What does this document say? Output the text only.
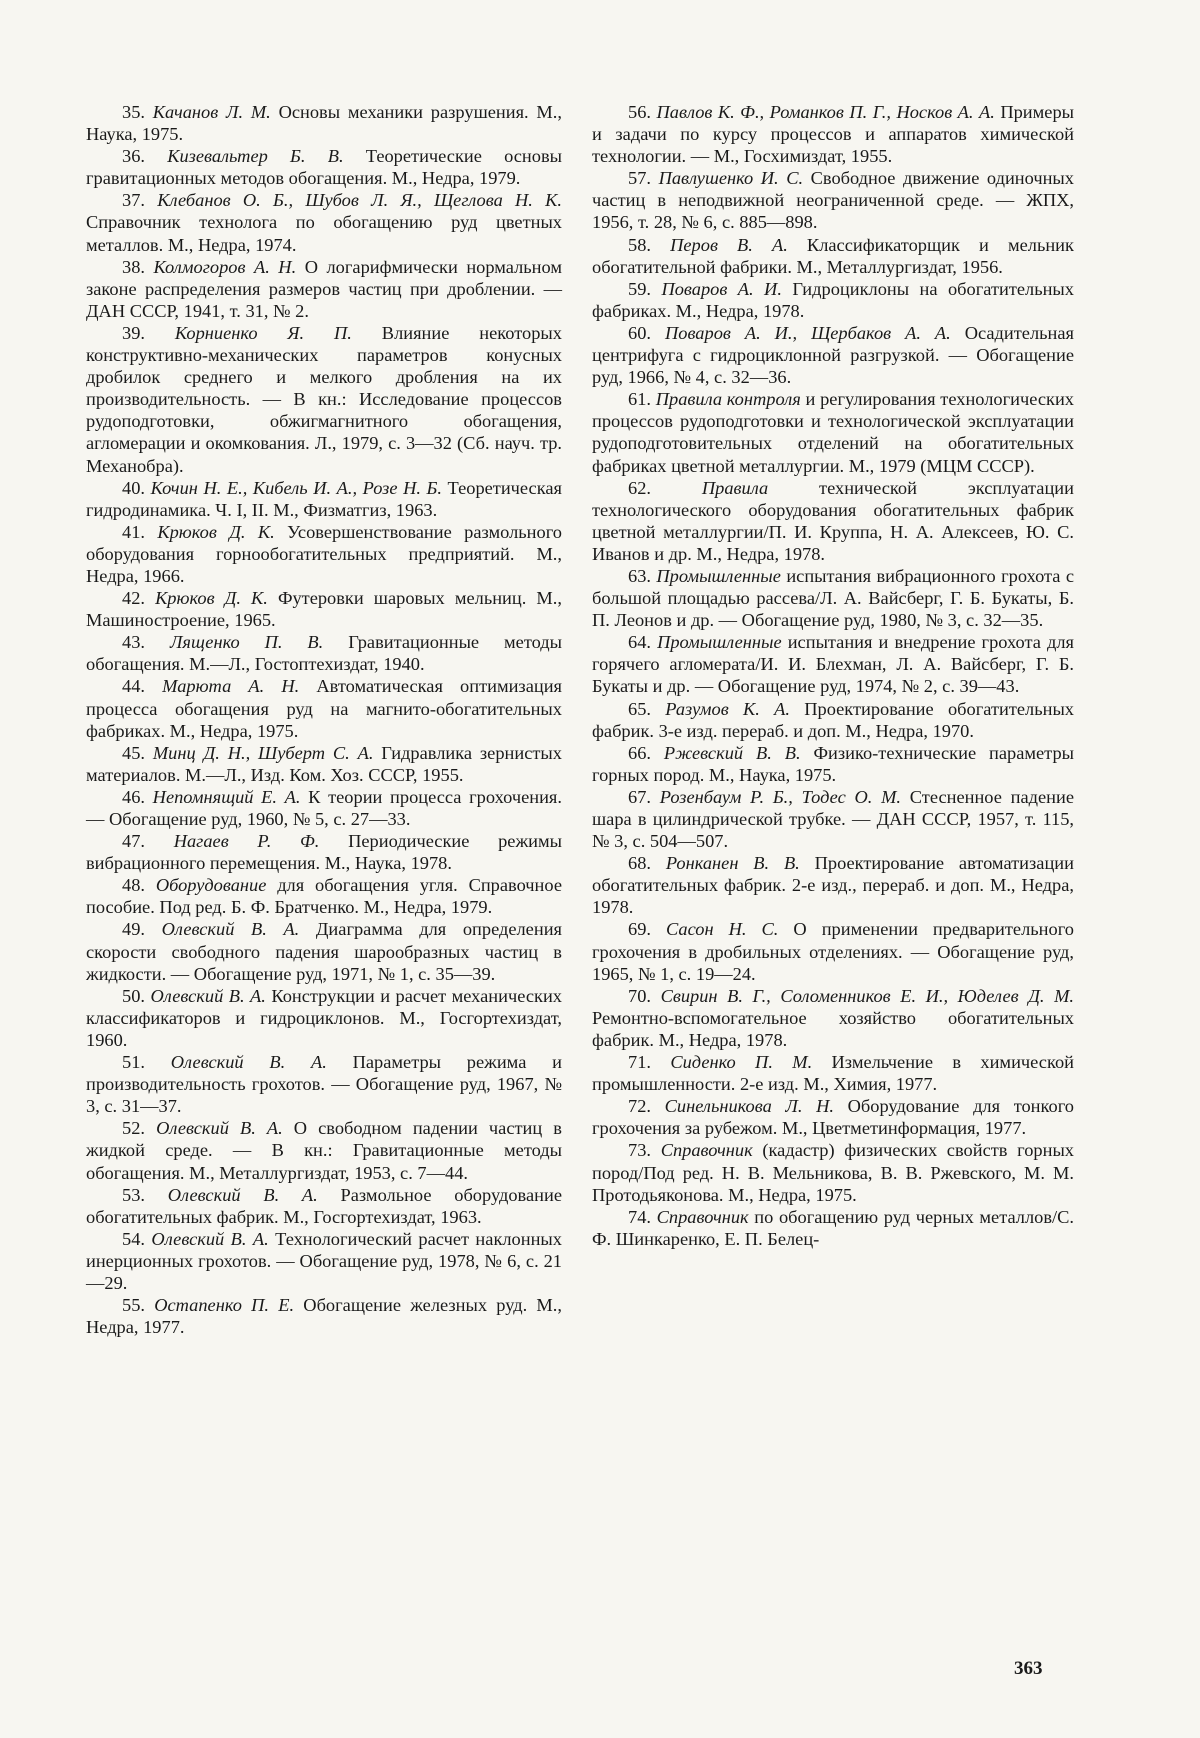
35. Качанов Л. М. Основы механики разрушения. М., Наука, 1975.

36. Кизевальтер Б. В. Теоретические основы гравитационных методов обогащения. М., Недра, 1979.

37. Клебанов О. Б., Шубов Л. Я., Щеглова Н. К. Справочник технолога по обогащению руд цветных металлов. М., Недра, 1974.

38. Колмогоров А. Н. О логарифмически нормальном законе распределения размеров частиц при дроблении. — ДАН СССР, 1941, т. 31, № 2.

39. Корниенко Я. П. Влияние некоторых конструктивно-механических параметров конусных дробилок среднего и мелкого дробления на их производительность. — В кн.: Исследование процессов рудоподготовки, обжигмагнитного обогащения, агломерации и окомкования. Л., 1979, с. 3—32 (Сб. науч. тр. Механобра).

40. Кочин Н. Е., Кибель И. А., Розе Н. Б. Теоретическая гидродинамика. Ч. I, II. М., Физматгиз, 1963.

41. Крюков Д. К. Усовершенствование размольного оборудования горнообогатительных предприятий. М., Недра, 1966.

42. Крюков Д. К. Футеровки шаровых мельниц. М., Машиностроение, 1965.

43. Лященко П. В. Гравитационные методы обогащения. М.—Л., Гостоптехиздат, 1940.

44. Марюта А. Н. Автоматическая оптимизация процесса обогащения руд на магнито-обогатительных фабриках. М., Недра, 1975.

45. Минц Д. Н., Шуберт С. А. Гидравлика зернистых материалов. М.—Л., Изд. Ком. Хоз. СССР, 1955.

46. Непомнящий Е. А. К теории процесса грохочения. — Обогащение руд, 1960, № 5, с. 27—33.

47. Нагаев Р. Ф. Периодические режимы вибрационного перемещения. М., Наука, 1978.

48. Оборудование для обогащения угля. Справочное пособие. Под ред. Б. Ф. Братченко. М., Недра, 1979.

49. Олевский В. А. Диаграмма для определения скорости свободного падения шарообразных частиц в жидкости. — Обогащение руд, 1971, № 1, с. 35—39.

50. Олевский В. А. Конструкции и расчет механических классификаторов и гидроциклонов. М., Госгортехиздат, 1960.

51. Олевский В. А. Параметры режима и производительность грохотов. — Обогащение руд, 1967, № 3, с. 31—37.

52. Олевский В. А. О свободном падении частиц в жидкой среде. — В кн.: Гравитационные методы обогащения. М., Металлургиздат, 1953, с. 7—44.

53. Олевский В. А. Размольное оборудование обогатительных фабрик. М., Госгортехиздат, 1963.

54. Олевский В. А. Технологический расчет наклонных инерционных грохотов. — Обогащение руд, 1978, № 6, с. 21—29.

55. Остапенко П. Е. Обогащение железных руд. М., Недра, 1977.

56. Павлов К. Ф., Романков П. Г., Носков А. А. Примеры и задачи по курсу процессов и аппаратов химической технологии. — М., Госхимиздат, 1955.

57. Павлушенко И. С. Свободное движение одиночных частиц в неподвижной неограниченной среде. — ЖПХ, 1956, т. 28, № 6, с. 885—898.

58. Перов В. А. Классификаторщик и мельник обогатительной фабрики. М., Металлургиздат, 1956.

59. Поваров А. И. Гидроциклоны на обогатительных фабриках. М., Недра, 1978.

60. Поваров А. И., Щербаков А. А. Осадительная центрифуга с гидроциклонной разгрузкой. — Обогащение руд, 1966, № 4, с. 32—36.

61. Правила контроля и регулирования технологических процессов рудоподготовки и технологической эксплуатации рудоподготовительных отделений на обогатительных фабриках цветной металлургии. М., 1979 (МЦМ СССР).

62.	Правила	технической эксплуатации технологического оборудования обогатительных фабрик цветной металлургии/П. И. Круппа, Н. А. Алексеев, Ю. С. Иванов и др. М., Недра, 1978.

63. Промышленные испытания вибрационного грохота с большой площадью рассева/Л. А. Вайсберг, Г. Б. Букаты, Б. П. Леонов и др. — Обогащение руд, 1980, № 3, с. 32—35.

64. Промышленные испытания и внедрение грохота для горячего агломерата/И. И. Блехман, Л. А. Вайсберг, Г. Б. Букаты и др. — Обогащение руд, 1974, № 2, с. 39—43.

65. Разумов К. А. Проектирование обогатительных фабрик. 3-е изд. перераб. и доп. М., Недра, 1970.

66. Ржевский В. В. Физико-технические параметры горных пород. М., Наука, 1975.

67. Розенбаум Р. Б., Тодес О. М. Стесненное падение шара в цилиндрической трубке. — ДАН СССР, 1957, т. 115, № 3, с. 504—507.

68. Ронканен В. В. Проектирование автоматизации обогатительных фабрик. 2-е изд., перераб. и доп. М., Недра, 1978.

69. Сасон Н. С. О применении предварительного грохочения в дробильных отделениях. — Обогащение руд, 1965, № 1, с. 19—24.

70. Свирин В. Г., Соломенников Е. И., Юделев Д. М. Ремонтно-вспомогательное хозяйство обогатительных фабрик. М., Недра, 1978.

71. Сиденко П. М. Измельчение в химической промышленности. 2-е изд. М., Химия, 1977.

72. Синельникова Л. Н. Оборудование для тонкого грохочения за рубежом. М., Цветметинформация, 1977.

73. Справочник (кадастр) физических свойств горных пород/Под ред. Н. В. Мельникова, В. В. Ржевского, М. М. Протодьяконова. М., Недра, 1975.

74. Справочник по обогащению руд черных металлов/С. Ф. Шинкаренко, Е. П. Белец-

363
